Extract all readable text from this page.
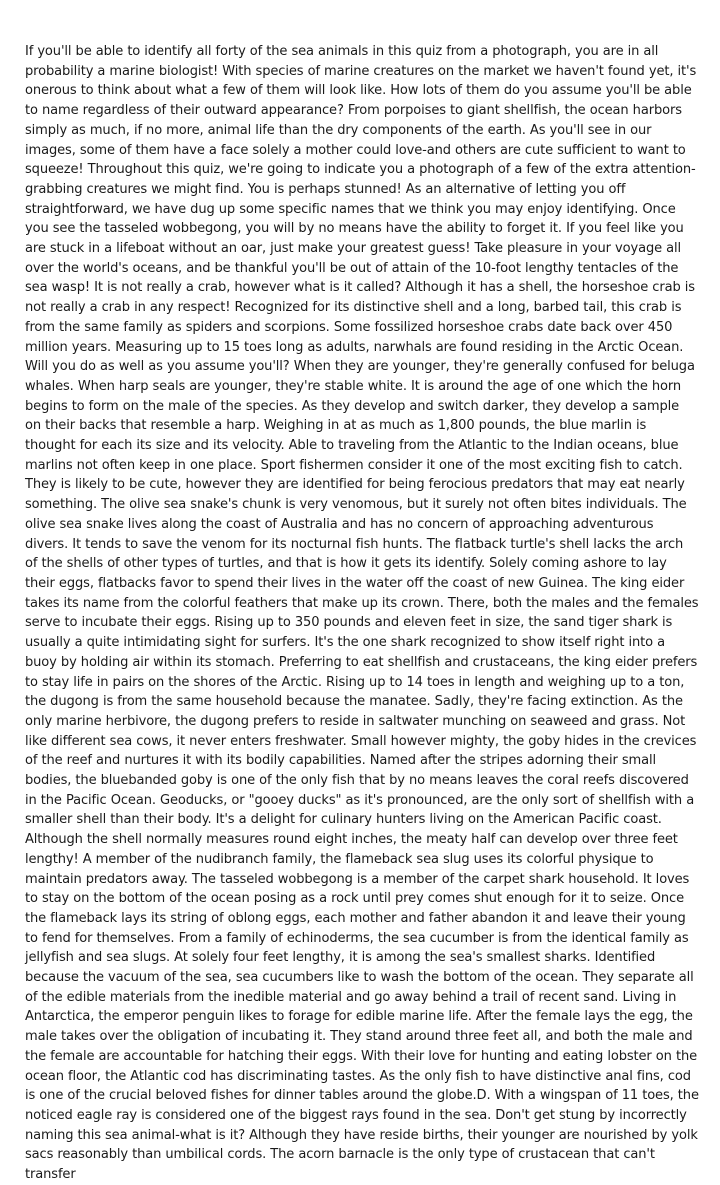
If you'll be able to identify all forty of the sea animals in this quiz from a photograph, you are in all probability a marine biologist! With species of marine creatures on the market we haven't found yet, it's onerous to think about what a few of them will look like. How lots of them do you assume you'll be able to name regardless of their outward appearance? From porpoises to giant shellfish, the ocean harbors simply as much, if no more, animal life than the dry components of the earth. As you'll see in our images, some of them have a face solely a mother could love-and others are cute sufficient to want to squeeze! Throughout this quiz, we're going to indicate you a photograph of a few of the extra attention-grabbing creatures we might find. You is perhaps stunned! As an alternative of letting you off straightforward, we have dug up some specific names that we think you may enjoy identifying. Once you see the tasseled wobbegong, you will by no means have the ability to forget it. If you feel like you are stuck in a lifeboat without an oar, just make your greatest guess! Take pleasure in your voyage all over the world's oceans, and be thankful you'll be out of attain of the 10-foot lengthy tentacles of the sea wasp! It is not really a crab, however what is it called? Although it has a shell, the horseshoe crab is not really a crab in any respect! Recognized for its distinctive shell and a long, barbed tail, this crab is from the same family as spiders and scorpions. Some fossilized horseshoe crabs date back over 450 million years. Measuring up to 15 toes long as adults, narwhals are found residing in the Arctic Ocean. Will you do as well as you assume you'll? When they are younger, they're generally confused for beluga whales. When harp seals are younger, they're stable white. It is around the age of one which the horn begins to form on the male of the species. As they develop and switch darker, they develop a sample on their backs that resemble a harp. Weighing in at as much as 1,800 pounds, the blue marlin is thought for each its size and its velocity. Able to traveling from the Atlantic to the Indian oceans, blue marlins not often keep in one place. Sport fishermen consider it one of the most exciting fish to catch. They is likely to be cute, however they are identified for being ferocious predators that may eat nearly something. The olive sea snake's chunk is very venomous, but it surely not often bites individuals. The olive sea snake lives along the coast of Australia and has no concern of approaching adventurous divers. It tends to save the venom for its nocturnal fish hunts. The flatback turtle's shell lacks the arch of the shells of other types of turtles, and that is how it gets its identify. Solely coming ashore to lay their eggs, flatbacks favor to spend their lives in the water off the coast of new Guinea. The king eider takes its name from the colorful feathers that make up its crown. There, both the males and the females serve to incubate their eggs. Rising up to 350 pounds and eleven feet in size, the sand tiger shark is usually a quite intimidating sight for surfers. It's the one shark recognized to show itself right into a buoy by holding air within its stomach. Preferring to eat shellfish and crustaceans, the king eider prefers to stay life in pairs on the shores of the Arctic. Rising up to 14 toes in length and weighing up to a ton, the dugong is from the same household because the manatee. Sadly, they're facing extinction. As the only marine herbivore, the dugong prefers to reside in saltwater munching on seaweed and grass. Not like different sea cows, it never enters freshwater. Small however mighty, the goby hides in the crevices of the reef and nurtures it with its bodily capabilities. Named after the stripes adorning their small bodies, the bluebanded goby is one of the only fish that by no means leaves the coral reefs discovered in the Pacific Ocean. Geoducks, or "gooey ducks" as it's pronounced, are the only sort of shellfish with a smaller shell than their body. It's a delight for culinary hunters living on the American Pacific coast. Although the shell normally measures round eight inches, the meaty half can develop over three feet lengthy! A member of the nudibranch family, the flameback sea slug uses its colorful physique to maintain predators away. The tasseled wobbegong is a member of the carpet shark household. It loves to stay on the bottom of the ocean posing as a rock until prey comes shut enough for it to seize. Once the flameback lays its string of oblong eggs, each mother and father abandon it and leave their young to fend for themselves. From a family of echinoderms, the sea cucumber is from the identical family as jellyfish and sea slugs. At solely four feet lengthy, it is among the sea's smallest sharks. Identified because the vacuum of the sea, sea cucumbers like to wash the bottom of the ocean. They separate all of the edible materials from the inedible material and go away behind a trail of recent sand. Living in Antarctica, the emperor penguin likes to forage for edible marine life. After the female lays the egg, the male takes over the obligation of incubating it. They stand around three feet all, and both the male and the female are accountable for hatching their eggs. With their love for hunting and eating lobster on the ocean floor, the Atlantic cod has discriminating tastes. As the only fish to have distinctive anal fins, cod is one of the crucial beloved fishes for dinner tables around the globe.D. With a wingspan of 11 toes, the noticed eagle ray is considered one of the biggest rays found in the sea. Don't get stung by incorrectly naming this sea animal-what is it? Although they have reside births, their younger are nourished by yolk sacs reasonably than umbilical cords. The acorn barnacle is the only type of crustacean that can't transfer
